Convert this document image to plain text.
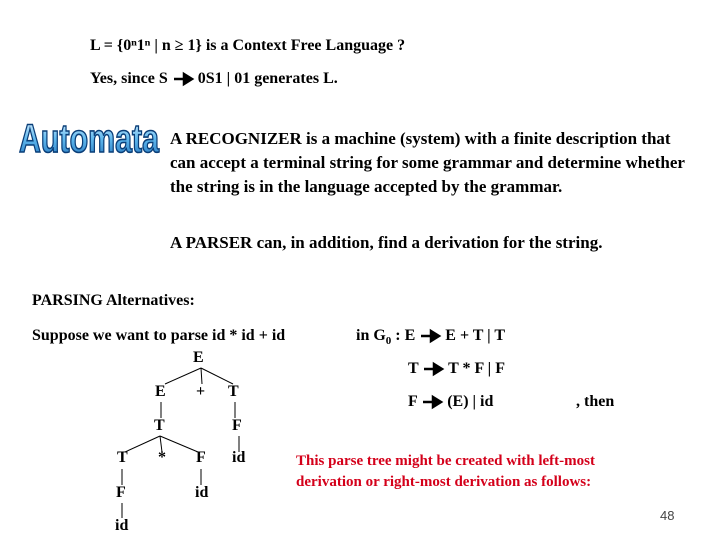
L = {0ⁿ1ⁿ | n ≥ 1} is a Context Free Language ?
Yes, since S 0S1 | 01 generates L.
Automata A RECOGNIZER is a machine (system) with a finite description that can accept a terminal string for some grammar and determine whether the string is in the language accepted by the grammar.
A PARSER can, in addition, find a derivation for the string.
PARSING Alternatives:
Suppose we want to parse id * id + id	in $G_0$ : E E + T | T
T T * F | F
F (E) | id	, then
E
E + T
T	F
T * F id
F	id
id
This parse tree might be created with left-most derivation or right-most derivation as follows:
48
